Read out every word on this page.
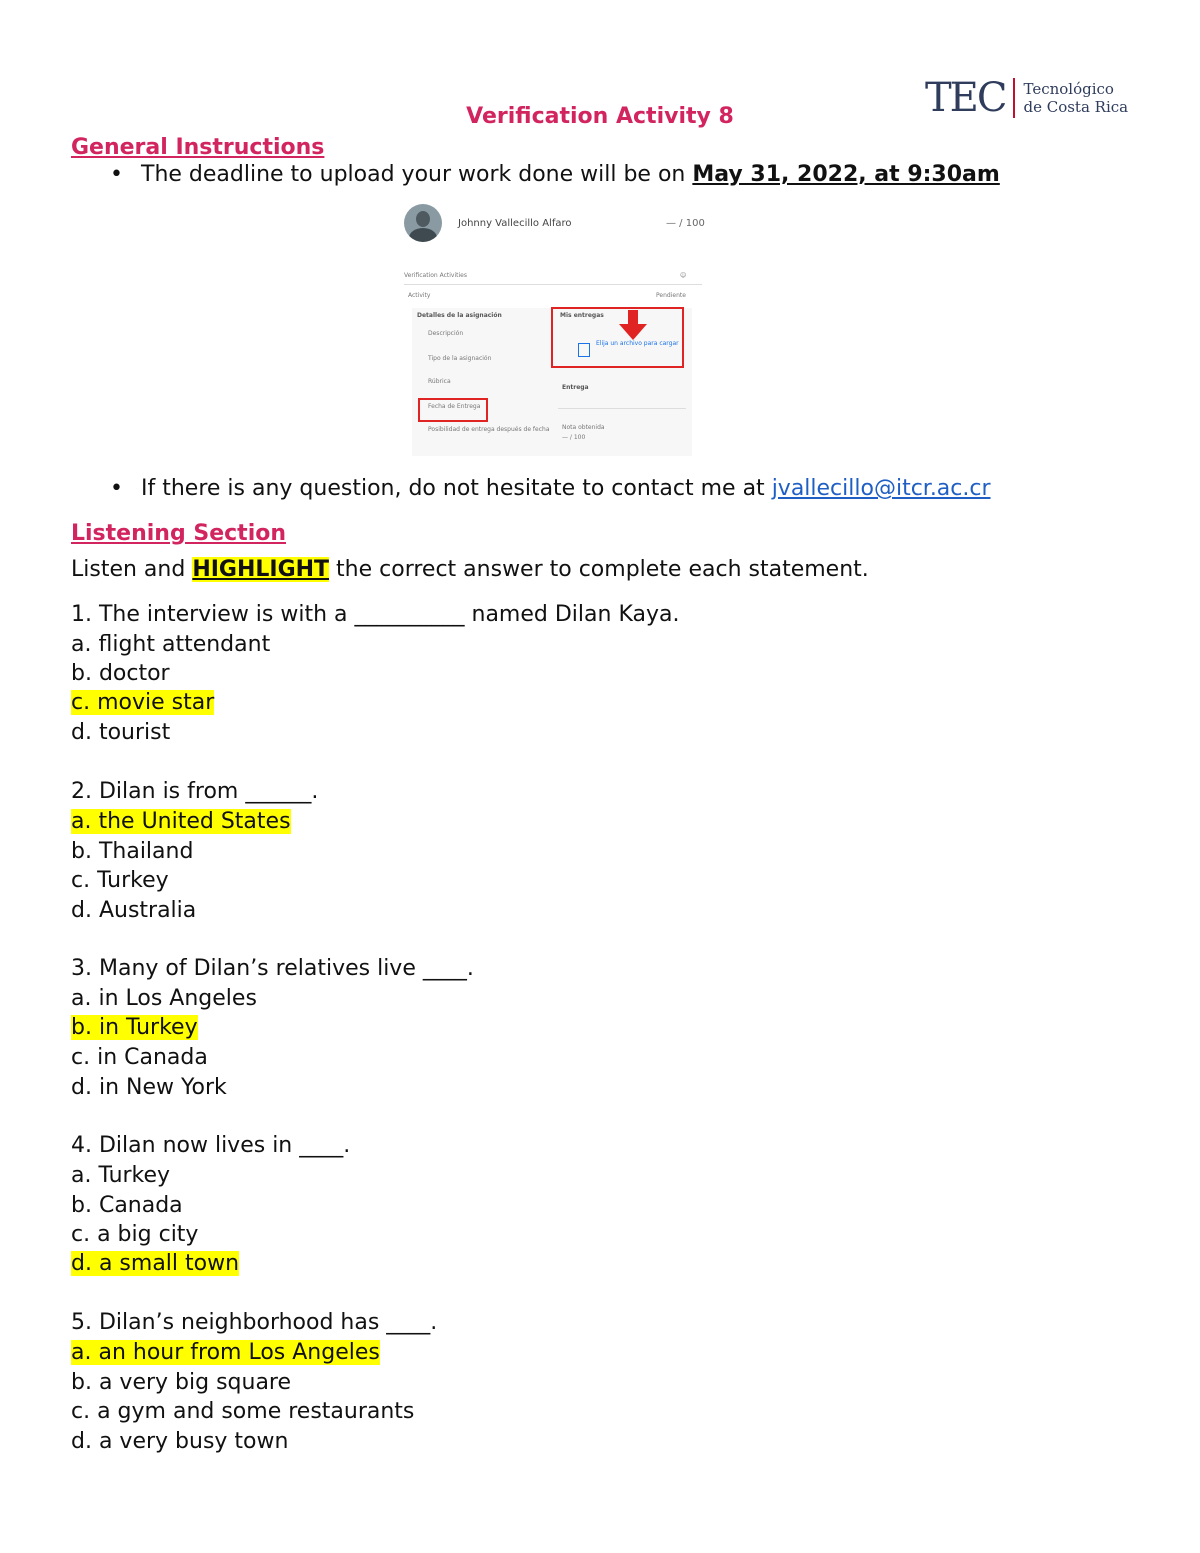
TEC Tecnológico
de Costa Rica
Verification Activity 8
General Instructions
• The deadline to upload your work done will be on May 31, 2022, at 9:30am
Johnny Vallecillo Alfaro	— / 100
Verification Activities	☺
Activity	Pendiente
Detalles de la asignación	Mis entregas
Descripción
Tipo de la asignación
Rúbrica
Fecha de Entrega
Posibilidad de entrega después de fecha
Elija un archivo para cargar
Entrega
Nota obtenida
— / 100
• If there is any question, do not hesitate to contact me at jvallecillo@itcr.ac.cr
Listening Section
Listen and HIGHLIGHT the correct answer to complete each statement.
1. The interview is with a __________ named Dilan Kaya.
a. flight attendant
b. doctor
c. movie star
d. tourist
2. Dilan is from ______.
a. the United States
b. Thailand
c. Turkey
d. Australia
3. Many of Dilan’s relatives live ____.
a. in Los Angeles
b. in Turkey
c. in Canada
d. in New York
4. Dilan now lives in ____.
a. Turkey
b. Canada
c. a big city
d. a small town
5. Dilan’s neighborhood has ____.
a. an hour from Los Angeles
b. a very big square
c. a gym and some restaurants
d. a very busy town
